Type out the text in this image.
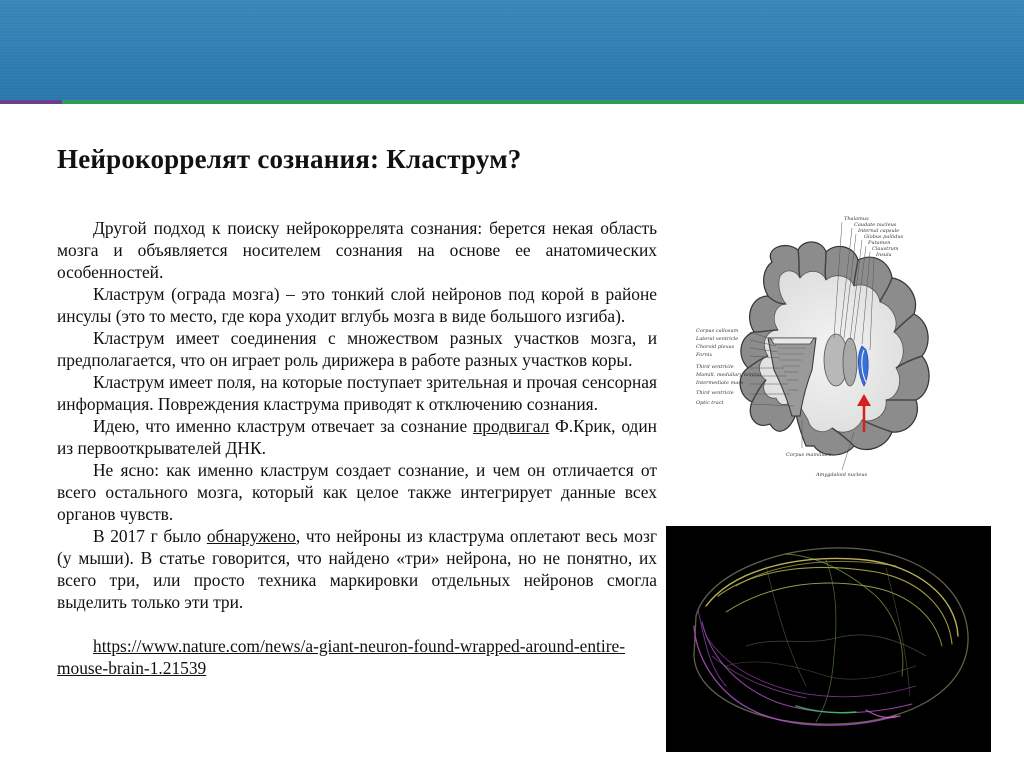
Нейрокоррелят сознания: Кластрум?

Другой подход к поиску нейрокоррелята сознания: берется некая область мозга и объявляется носителем сознания на основе ее анатомических особенностей.

Кластрум (ограда мозга) – это тонкий слой нейронов под корой в районе инсулы (это то место, где кора уходит вглубь мозга в виде большого изгиба).

Кластрум имеет соединения с множеством разных участков мозга, и предполагается, что он играет роль дирижера в работе разных участков коры.

Кластрум имеет поля, на которые поступает зрительная и прочая сенсорная информация. Повреждения кластрума приводят к отключению сознания.

Идею, что именно кластрум отвечает за сознание продвигал Ф.Крик, один из первооткрывателей ДНК.

Не ясно: как именно кластрум создает сознание, и чем он отличается от всего остального мозга, который как целое также интегрирует данные всех органов чувств.

В 2017 г было обнаружено, что нейроны из кластрума оплетают весь мозг (у мыши). В статье говорится, что найдено «три» нейрона, но не понятно, их всего три, или просто техника маркировки отдельных нейронов смогла выделить только эти три.

https://www.nature.com/news/a-giant-neuron-found-wrapped-around-entire-mouse-brain-1.21539

Thalamus
Caudate nucleus
Internal capsule
Globus pallidus
Putamen
Claustrum
Insula
Corpus callosum
Lateral ventricle
Choroid plexus
Fornix
Third ventricle
Mamill. medullary lamina
Intermediate mass
Third ventricle
Optic tract
Corpus mamillare
Amygdaloid nucleus
